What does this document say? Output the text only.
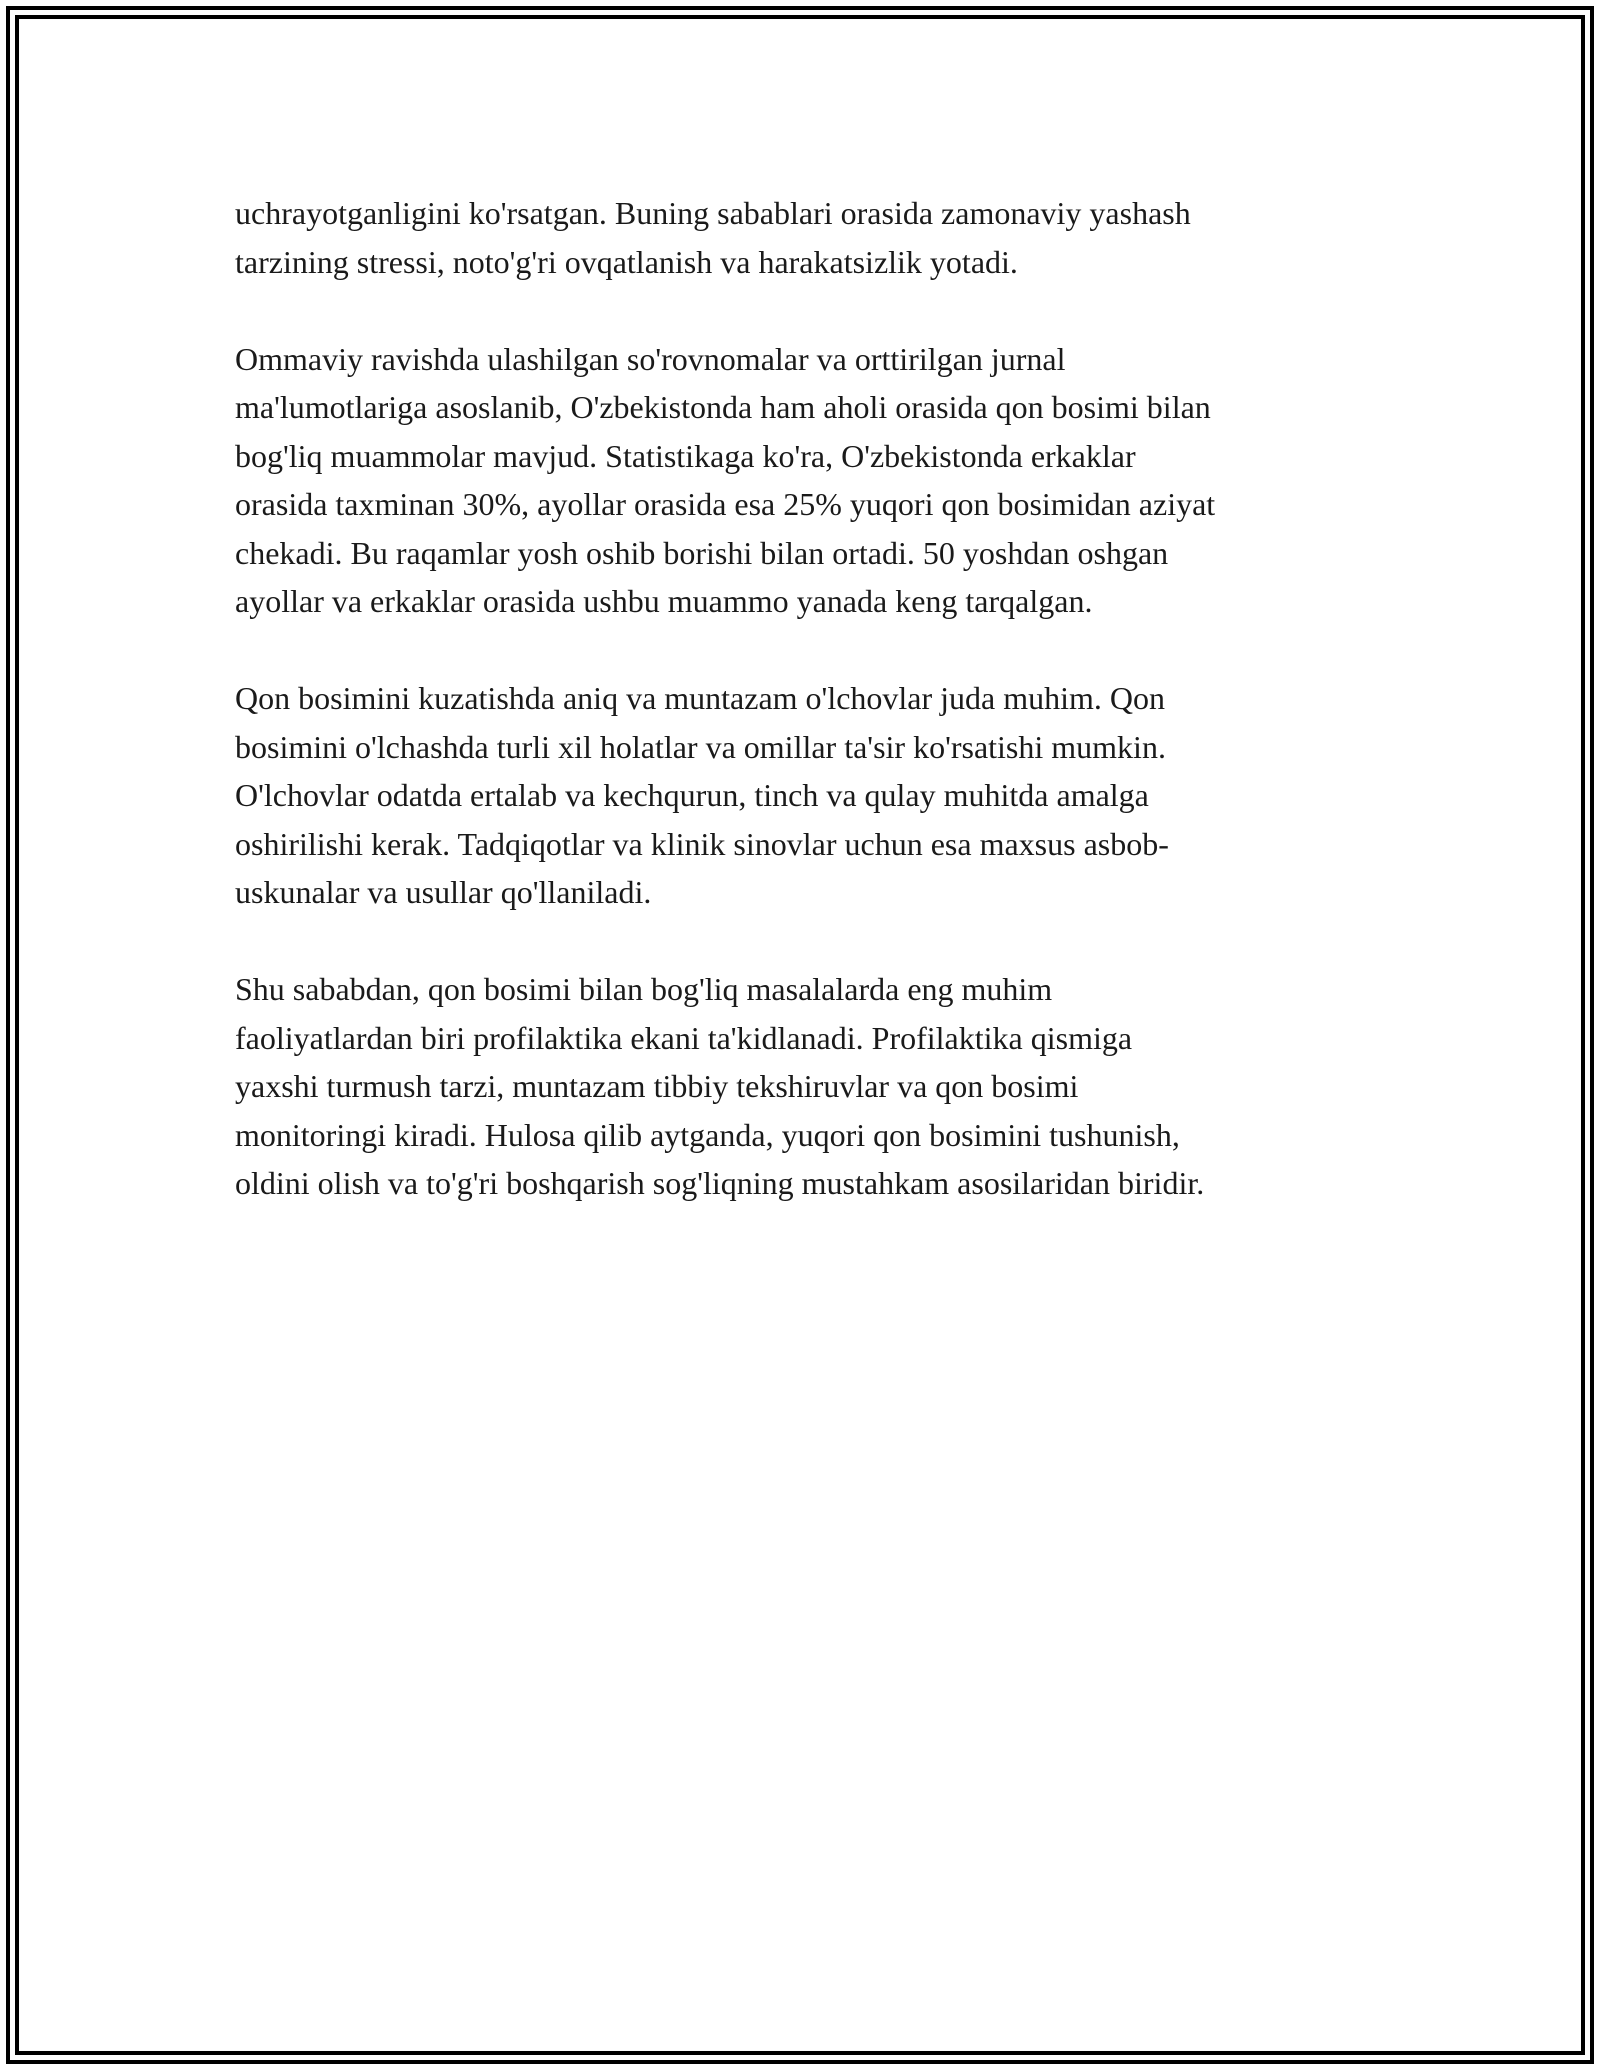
uchrayotganligini ko'rsatgan. Buning sabablari orasida zamonaviy yashash
tarzining stressi, noto'g'ri ovqatlanish va harakatsizlik yotadi.

Ommaviy ravishda ulashilgan so'rovnomalar va orttirilgan jurnal
ma'lumotlariga asoslanib, O'zbekistonda ham aholi orasida qon bosimi bilan
bog'liq muammolar mavjud. Statistikaga ko'ra, O'zbekistonda erkaklar
orasida taxminan 30%, ayollar orasida esa 25% yuqori qon bosimidan aziyat
chekadi. Bu raqamlar yosh oshib borishi bilan ortadi. 50 yoshdan oshgan
ayollar va erkaklar orasida ushbu muammo yanada keng tarqalgan.

Qon bosimini kuzatishda aniq va muntazam o'lchovlar juda muhim. Qon
bosimini o'lchashda turli xil holatlar va omillar ta'sir ko'rsatishi mumkin.
O'lchovlar odatda ertalab va kechqurun, tinch va qulay muhitda amalga
oshirilishi kerak. Tadqiqotlar va klinik sinovlar uchun esa maxsus asbob-
uskunalar va usullar qo'llaniladi.

Shu sababdan, qon bosimi bilan bog'liq masalalarda eng muhim
faoliyatlardan biri profilaktika ekani ta'kidlanadi. Profilaktika qismiga
yaxshi turmush tarzi, muntazam tibbiy tekshiruvlar va qon bosimi
monitoringi kiradi. Hulosa qilib aytganda, yuqori qon bosimini tushunish,
oldini olish va to'g'ri boshqarish sog'liqning mustahkam asosilaridan biridir.
